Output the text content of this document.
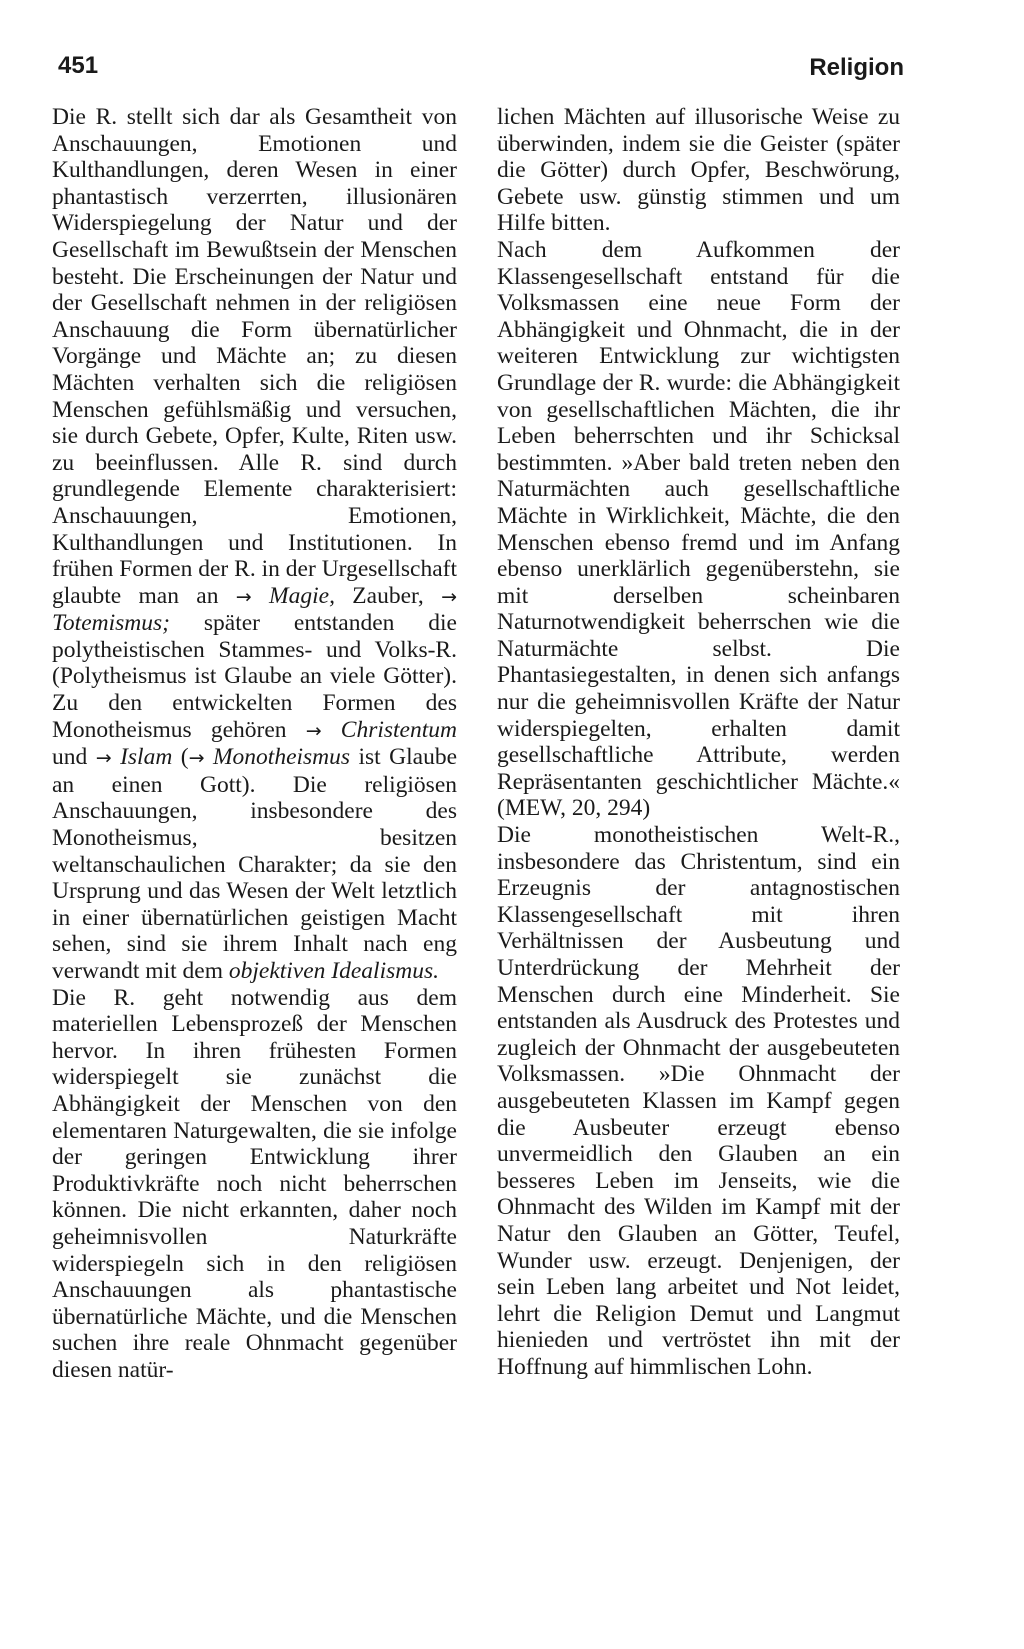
451	Religion

Die R. stellt sich dar als Gesamtheit von Anschauungen, Emotionen und Kulthandlungen, deren Wesen in einer phantastisch verzerrten, illusionären Widerspiegelung der Natur und der Gesellschaft im Bewußtsein der Menschen besteht. Die Erscheinungen der Natur und der Gesellschaft nehmen in der religiösen Anschauung die Form übernatürlicher Vorgänge und Mächte an; zu diesen Mächten verhalten sich die religiösen Menschen gefühlsmäßig und versuchen, sie durch Gebete, Opfer, Kulte, Riten usw. zu beeinflussen. Alle R. sind durch grundlegende Elemente charakterisiert: Anschauungen, Emotionen, Kulthandlungen und Institutionen. In frühen Formen der R. in der Urgesellschaft glaubte man an → Magie, Zauber, → Totemismus; später entstanden die polytheistischen Stammes- und Volks-R. (Polytheismus ist Glaube an viele Götter). Zu den entwickelten Formen des Monotheismus gehören → Christentum und → Islam (→ Monotheismus ist Glaube an einen Gott). Die religiösen Anschauungen, insbesondere des Monotheismus, besitzen weltanschaulichen Charakter; da sie den Ursprung und das Wesen der Welt letztlich in einer übernatürlichen geistigen Macht sehen, sind sie ihrem Inhalt nach eng verwandt mit dem objektiven Idealismus.

Die R. geht notwendig aus dem materiellen Lebensprozeß der Menschen hervor. In ihren frühesten Formen widerspiegelt sie zunächst die Abhängigkeit der Menschen von den elementaren Naturgewalten, die sie infolge der geringen Entwicklung ihrer Produktivkräfte noch nicht beherrschen können. Die nicht erkannten, daher noch geheimnisvollen Naturkräfte widerspiegeln sich in den religiösen Anschauungen als phantastische übernatürliche Mächte, und die Menschen suchen ihre reale Ohnmacht gegenüber diesen natür-

lichen Mächten auf illusorische Weise zu überwinden, indem sie die Geister (später die Götter) durch Opfer, Beschwörung, Gebete usw. günstig stimmen und um Hilfe bitten.

Nach dem Aufkommen der Klassengesellschaft entstand für die Volksmassen eine neue Form der Abhängigkeit und Ohnmacht, die in der weiteren Entwicklung zur wichtigsten Grundlage der R. wurde: die Abhängigkeit von gesellschaftlichen Mächten, die ihr Leben beherrschten und ihr Schicksal bestimmten. »Aber bald treten neben den Naturmächten auch gesellschaftliche Mächte in Wirklichkeit, Mächte, die den Menschen ebenso fremd und im Anfang ebenso unerklärlich gegenüberstehn, sie mit derselben scheinbaren Naturnotwendigkeit beherrschen wie die Naturmächte selbst. Die Phantasiegestalten, in denen sich anfangs nur die geheimnisvollen Kräfte der Natur widerspiegelten, erhalten damit gesellschaftliche Attribute, werden Repräsentanten geschichtlicher Mächte.« (MEW, 20, 294)

Die monotheistischen Welt-R., insbesondere das Christentum, sind ein Erzeugnis der antagnostischen Klassengesellschaft mit ihren Verhältnissen der Ausbeutung und Unterdrückung der Mehrheit der Menschen durch eine Minderheit. Sie entstanden als Ausdruck des Protestes und zugleich der Ohnmacht der ausgebeuteten Volksmassen. »Die Ohnmacht der ausgebeuteten Klassen im Kampf gegen die Ausbeuter erzeugt ebenso unvermeidlich den Glauben an ein besseres Leben im Jenseits, wie die Ohnmacht des Wilden im Kampf mit der Natur den Glauben an Götter, Teufel, Wunder usw. erzeugt. Denjenigen, der sein Leben lang arbeitet und Not leidet, lehrt die Religion Demut und Langmut hienieden und vertröstet ihn mit der Hoffnung auf himmlischen Lohn.
